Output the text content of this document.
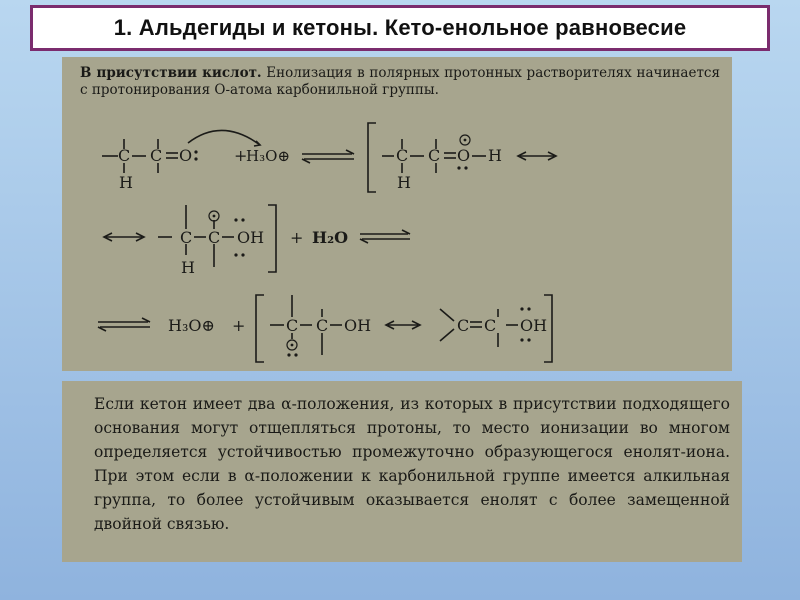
1. Альдегиды и кетоны. Кето-енольное равновесие
В присутствии кислот. Енолизация в полярных протонных растворителях начинается с протонирования О-атома карбонильной группы.
C C O
H
+	C C O H
H
H₃O⊕
C C OH
H
+ H₂O
H₃O⊕ +	C C OH	C C OH
Если кетон имеет два α-положения, из которых в присутствии подходящего основания могут отщепляться протоны, то место ионизации во многом определяется устойчивостью промежуточно образующегося енолят-иона. При этом если в α-положении к карбонильной группе имеется алкильная группа, то более устойчивым оказывается енолят с более замещенной двойной связью.
